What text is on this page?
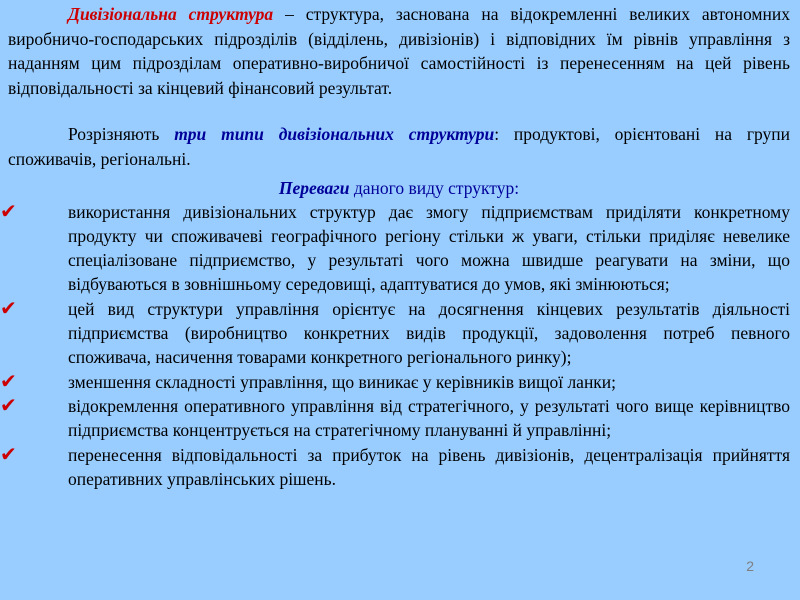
Дивізіональна структура – структура, заснована на відокремленні великих автономних виробничо-господарських підрозділів (відділень, дивізіонів) і відповідних їм рівнів управління з наданням цим підрозділам оперативно-виробничої самостійності із перенесенням на цей рівень відповідальності за кінцевий фінансовий результат.

Розрізняють три типи дивізіональних структури: продуктові, орієнтовані на групи споживачів, регіональні.

Переваги даного виду структур:
✔	використання дивізіональних структур дає змогу підприємствам приділяти конкретному продукту чи споживачеві географічного регіону стільки ж уваги, стільки приділяє невелике спеціалізоване підприємство, у результаті чого можна швидше реагувати на зміни, що відбуваються в зовнішньому середовищі, адаптуватися до умов, які змінюються;
✔	цей вид структури управління орієнтує на досягнення кінцевих результатів діяльності підприємства (виробництво конкретних видів продукції, задоволення потреб певного споживача, насичення товарами конкретного регіонального ринку);
✔	зменшення складності управління, що виникає у керівників вищої ланки;
✔	відокремлення оперативного управління від стратегічного, у результаті чого вище керівництво підприємства концентрується на стратегічному плануванні й управлінні;
✔	перенесення відповідальності за прибуток на рівень дивізіонів, децентралізація прийняття оперативних управлінських рішень.
2
